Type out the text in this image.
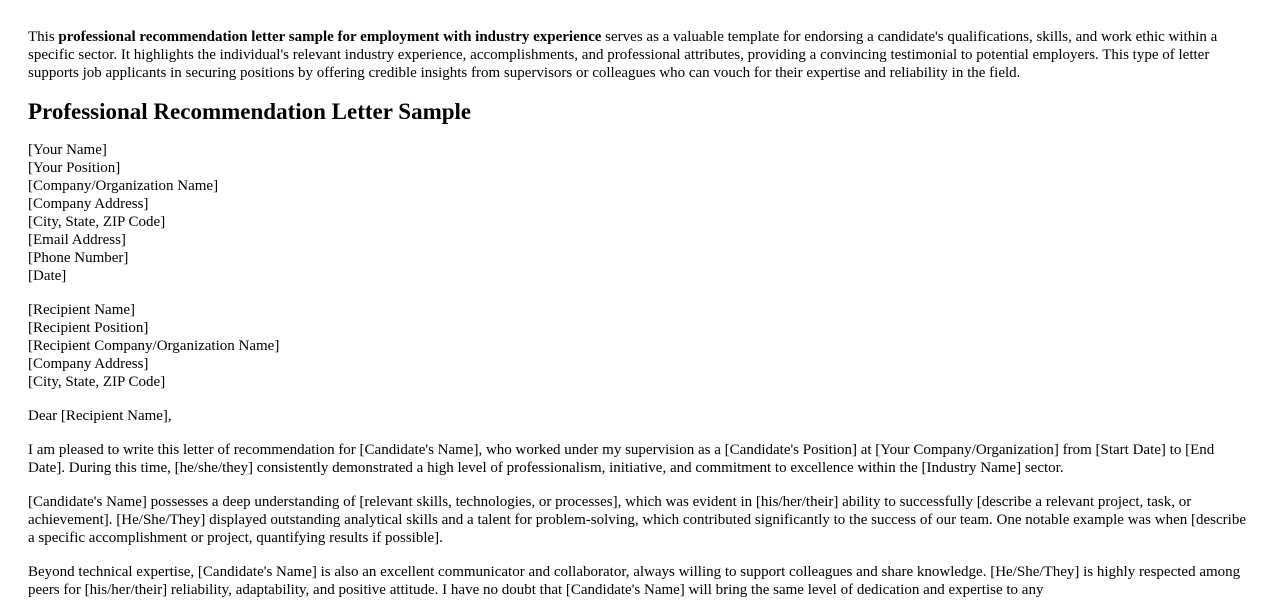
This professional recommendation letter sample for employment with industry experience serves as a valuable template for endorsing a candidate's qualifications, skills, and work ethic within a specific sector. It highlights the individual's relevant industry experience, accomplishments, and professional attributes, providing a convincing testimonial to potential employers. This type of letter supports job applicants in securing positions by offering credible insights from supervisors or colleagues who can vouch for their expertise and reliability in the field.

Professional Recommendation Letter Sample
[Your Name]
[Your Position]
[Company/Organization Name]
[Company Address]
[City, State, ZIP Code]
[Email Address]
[Phone Number]
[Date]
[Recipient Name]
[Recipient Position]
[Recipient Company/Organization Name]
[Company Address]
[City, State, ZIP Code]

Dear [Recipient Name],

I am pleased to write this letter of recommendation for [Candidate's Name], who worked under my supervision as a [Candidate's Position] at [Your Company/Organization] from [Start Date] to [End Date]. During this time, [he/she/they] consistently demonstrated a high level of professionalism, initiative, and commitment to excellence within the [Industry Name] sector.

[Candidate's Name] possesses a deep understanding of [relevant skills, technologies, or processes], which was evident in [his/her/their] ability to successfully [describe a relevant project, task, or achievement]. [He/She/They] displayed outstanding analytical skills and a talent for problem-solving, which contributed significantly to the success of our team. One notable example was when [describe a specific accomplishment or project, quantifying results if possible].

Beyond technical expertise, [Candidate's Name] is also an excellent communicator and collaborator, always willing to support colleagues and share knowledge. [He/She/They] is highly respected among peers for [his/her/their] reliability, adaptability, and positive attitude. I have no doubt that [Candidate's Name] will bring the same level of dedication and expertise to any
